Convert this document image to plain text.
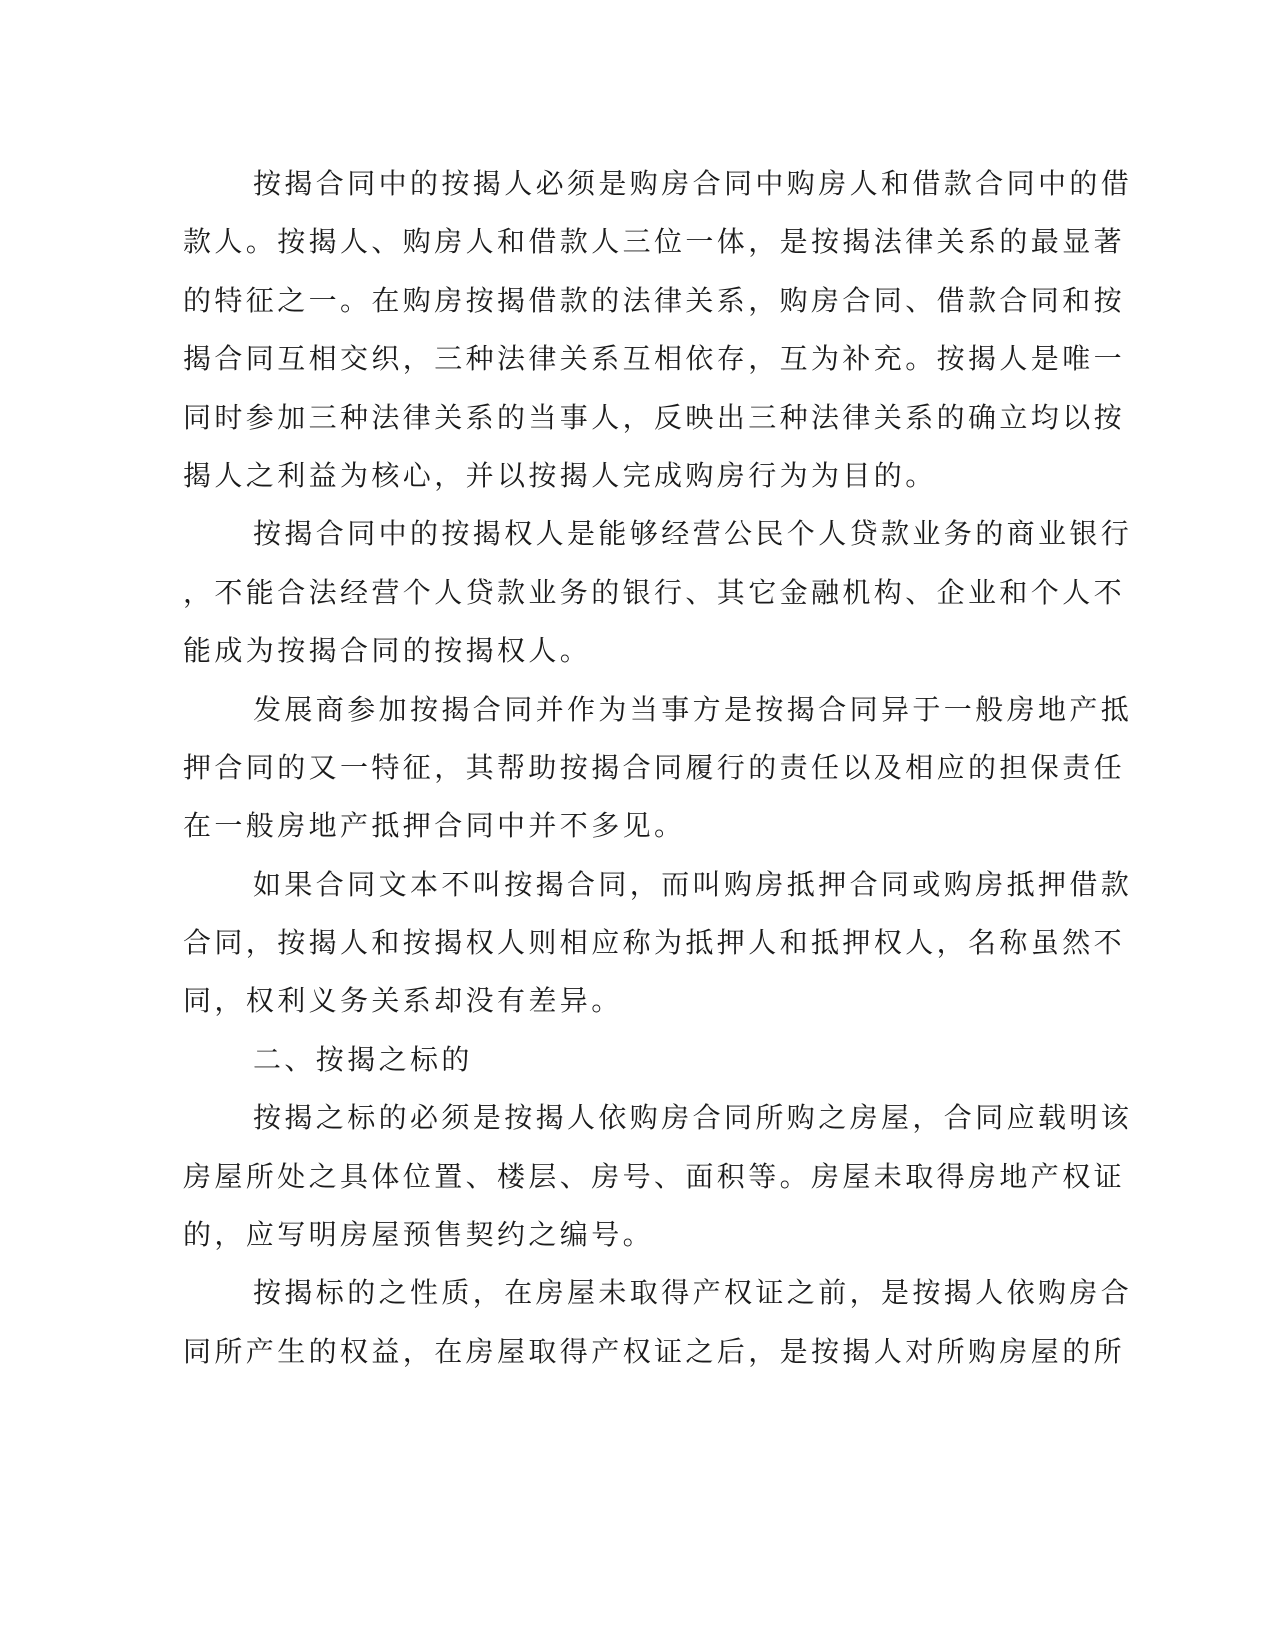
按揭合同中的按揭人必须是购房合同中购房人和借款合同中的借
款人。按揭人、购房人和借款人三位一体，是按揭法律关系的最显著
的特征之一。在购房按揭借款的法律关系，购房合同、借款合同和按
揭合同互相交织，三种法律关系互相依存，互为补充。按揭人是唯一
同时参加三种法律关系的当事人，反映出三种法律关系的确立均以按
揭人之利益为核心，并以按揭人完成购房行为为目的。
按揭合同中的按揭权人是能够经营公民个人贷款业务的商业银行
，不能合法经营个人贷款业务的银行、其它金融机构、企业和个人不
能成为按揭合同的按揭权人。
发展商参加按揭合同并作为当事方是按揭合同异于一般房地产抵
押合同的又一特征，其帮助按揭合同履行的责任以及相应的担保责任
在一般房地产抵押合同中并不多见。
如果合同文本不叫按揭合同，而叫购房抵押合同或购房抵押借款
合同，按揭人和按揭权人则相应称为抵押人和抵押权人，名称虽然不
同，权利义务关系却没有差异。
二、按揭之标的
按揭之标的必须是按揭人依购房合同所购之房屋，合同应载明该
房屋所处之具体位置、楼层、房号、面积等。房屋未取得房地产权证
的，应写明房屋预售契约之编号。
按揭标的之性质，在房屋未取得产权证之前，是按揭人依购房合
同所产生的权益，在房屋取得产权证之后，是按揭人对所购房屋的所
